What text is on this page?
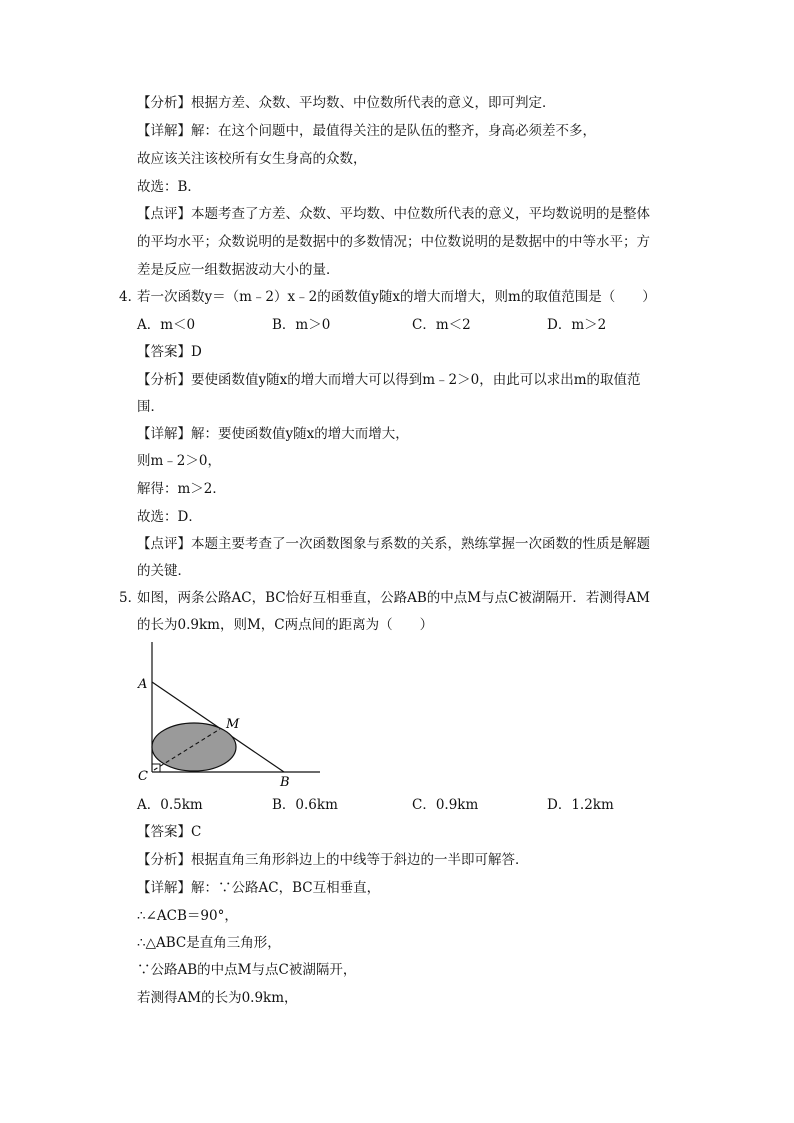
【分析】根据方差、众数、平均数、中位数所代表的意义，即可判定．
【详解】解：在这个问题中，最值得关注的是队伍的整齐，身高必须差不多，
故应该关注该校所有女生身高的众数，
故选：B．
【点评】本题考查了方差、众数、平均数、中位数所代表的意义，平均数说明的是整体
的平均水平；众数说明的是数据中的多数情况；中位数说明的是数据中的中等水平；方
差是反应一组数据波动大小的量．
4．
若一次函数y＝（m﹣2）x﹣2的函数值y随x的增大而增大，则m的取值范围是（　　）
A．m＜0	B．m＞0	C．m＜2	D．m＞2
【答案】D
【分析】要使函数值y随x的增大而增大可以得到m﹣2＞0，由此可以求出m的取值范
围．
【详解】解：要使函数值y随x的增大而增大，
则m﹣2＞0，
解得：m＞2．
故选：D．
【点评】本题主要考查了一次函数图象与系数的关系，熟练掌握一次函数的性质是解题
的关键．
5．
如图，两条公路AC，BC恰好互相垂直，公路AB的中点M与点C被湖隔开．若测得AM
的长为0.9km，则M，C两点间的距离为（　　）
A
M
C	B
A．0.5km	B．0.6km	C．0.9km	D．1.2km
【答案】C
【分析】根据直角三角形斜边上的中线等于斜边的一半即可解答．
【详解】解：∵公路AC，BC互相垂直，
∴∠ACB＝90°，
∴△ABC是直角三角形，
∵公路AB的中点M与点C被湖隔开，
若测得AM的长为0.9km，
